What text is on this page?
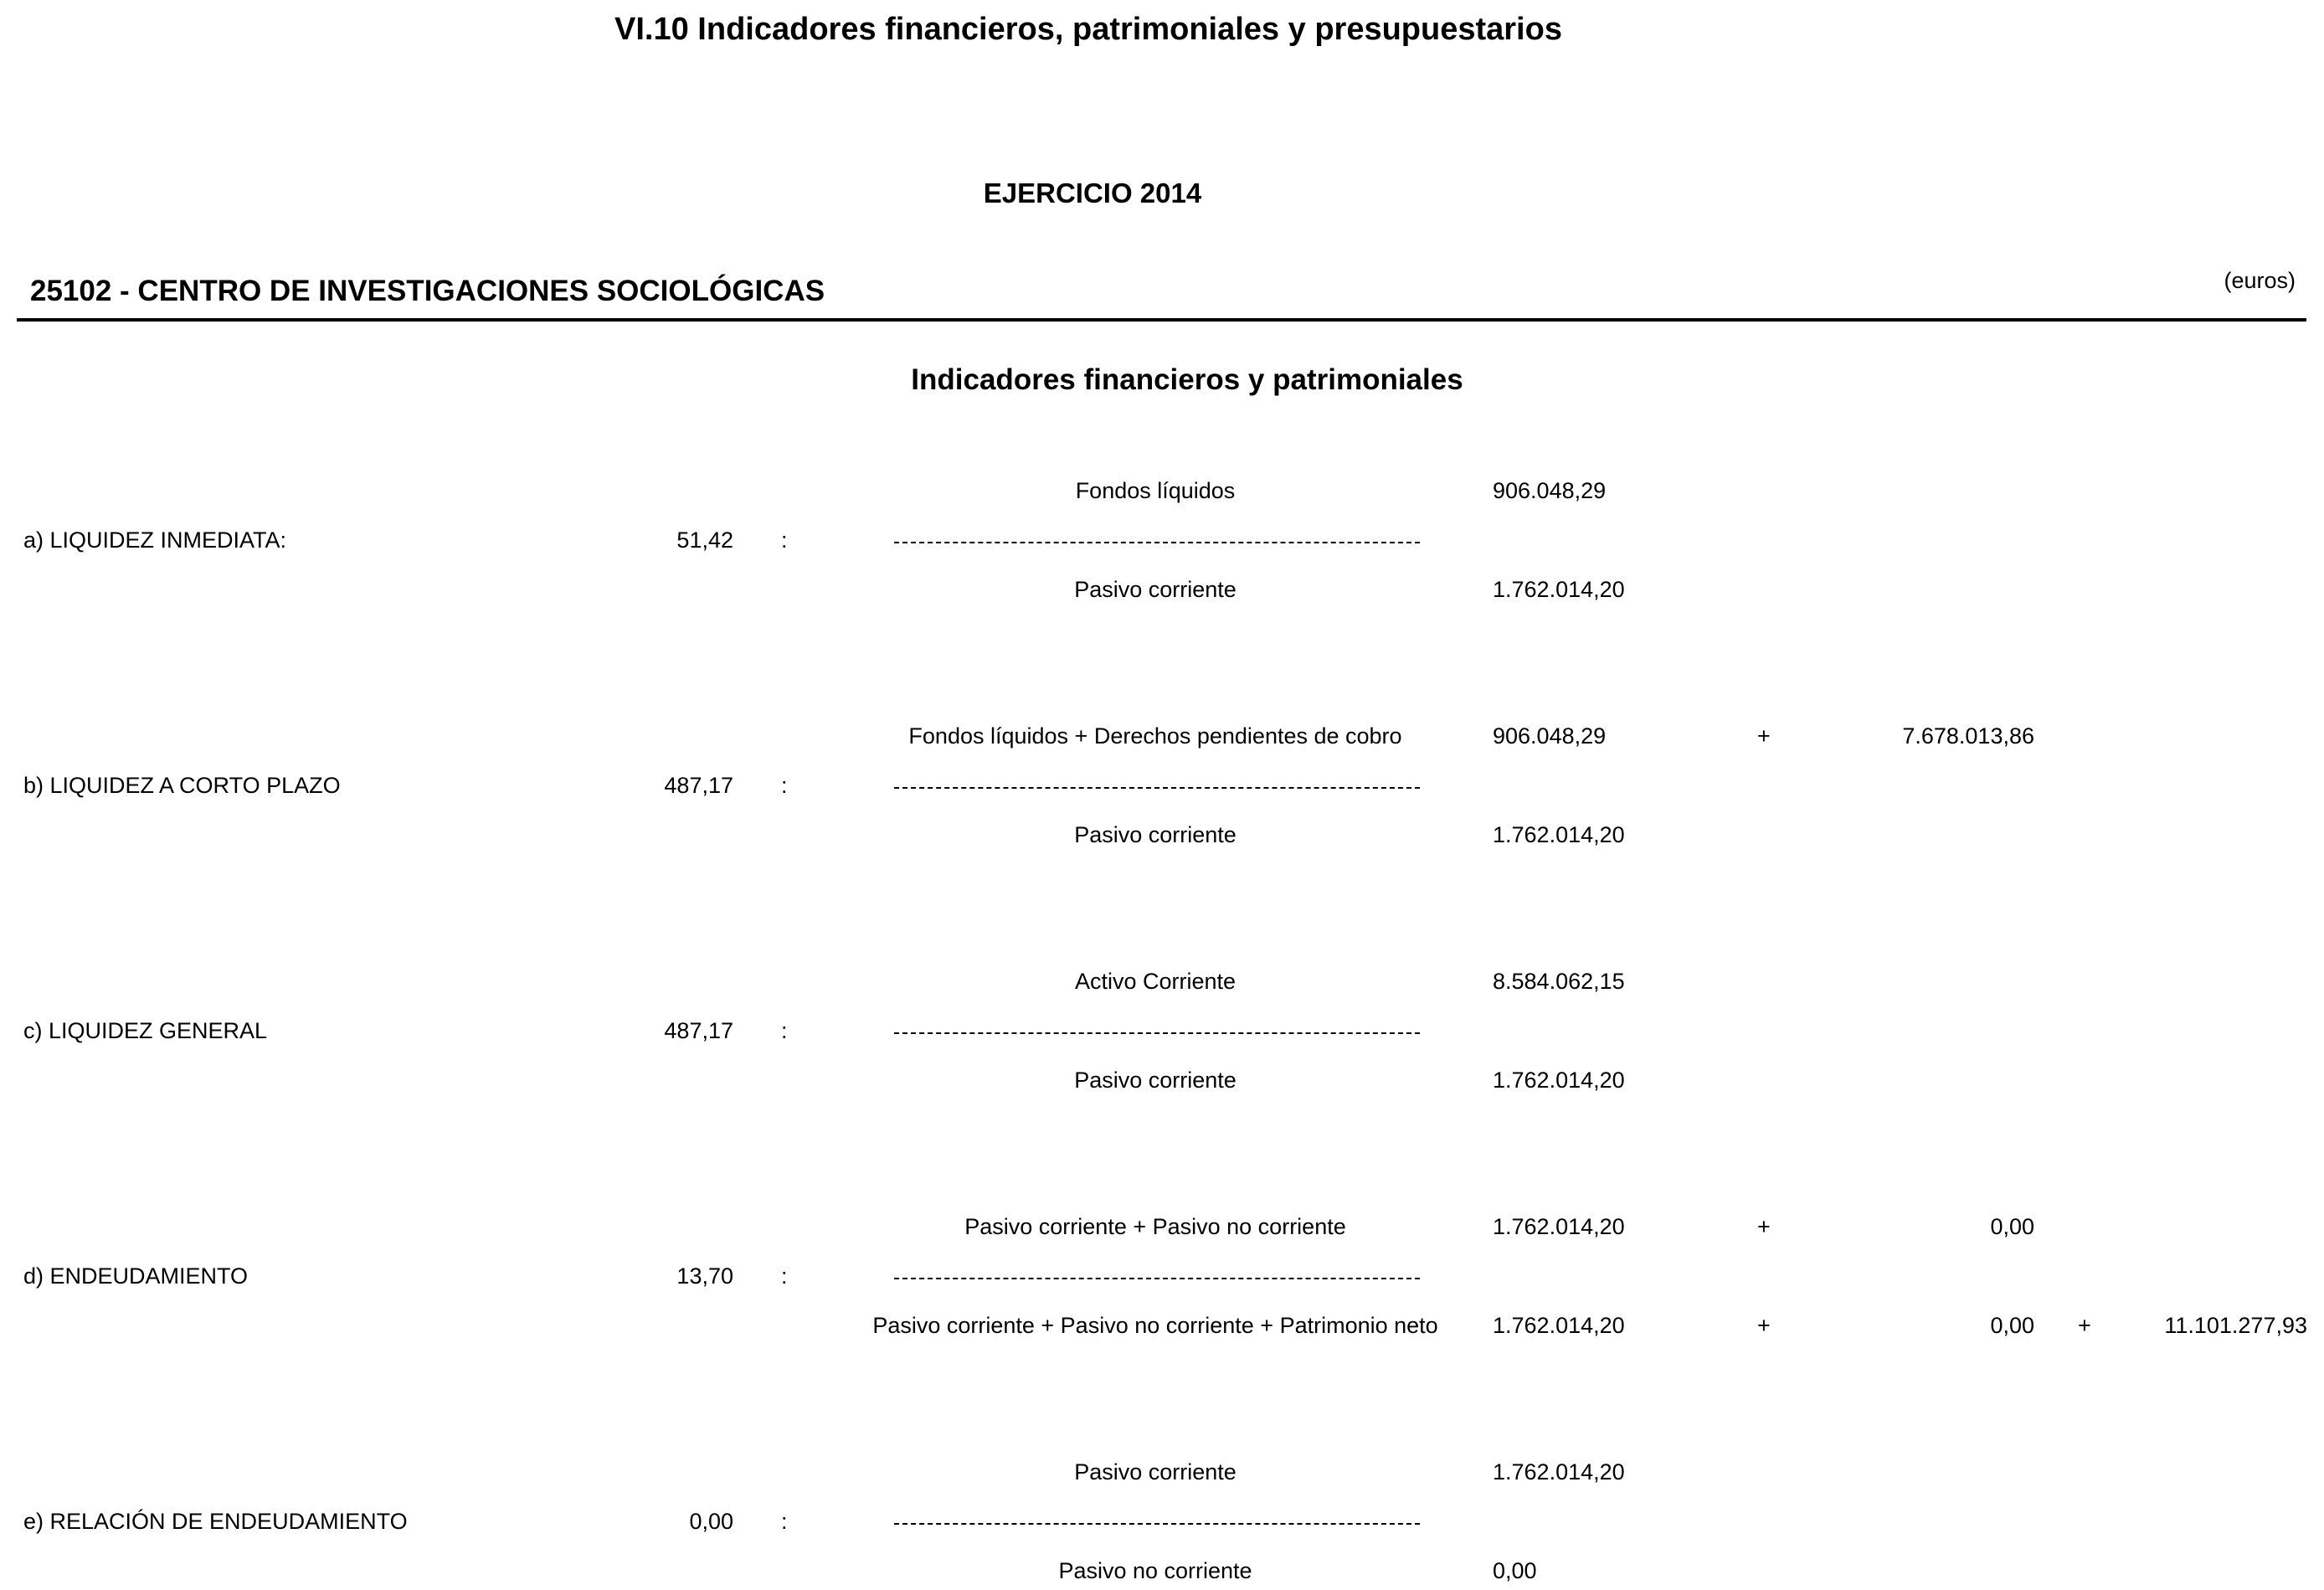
VI.10 Indicadores financieros, patrimoniales y presupuestarios
EJERCICIO 2014
25102 - CENTRO DE INVESTIGACIONES SOCIOLÓGICAS	(euros)
Indicadores financieros y patrimoniales
Fondos líquidos	906.048,29
a) LIQUIDEZ INMEDIATA:	51,42 :
Pasivo corriente	1.762.014,20
Fondos líquidos + Derechos pendientes de cobro	906.048,29	+	7.678.013,86
b) LIQUIDEZ A CORTO PLAZO	487,17 :
Pasivo corriente	1.762.014,20
Activo Corriente	8.584.062,15
c) LIQUIDEZ GENERAL	487,17 :
Pasivo corriente	1.762.014,20
Pasivo corriente + Pasivo no corriente	1.762.014,20	+	0,00
d) ENDEUDAMIENTO	13,70 :
Pasivo corriente + Pasivo no corriente + Patrimonio neto 1.762.014,20	+	0,00 +	11.101.277,93
Pasivo corriente	1.762.014,20
e) RELACIÓN DE ENDEUDAMIENTO	0,00 :
Pasivo no corriente	0,00
